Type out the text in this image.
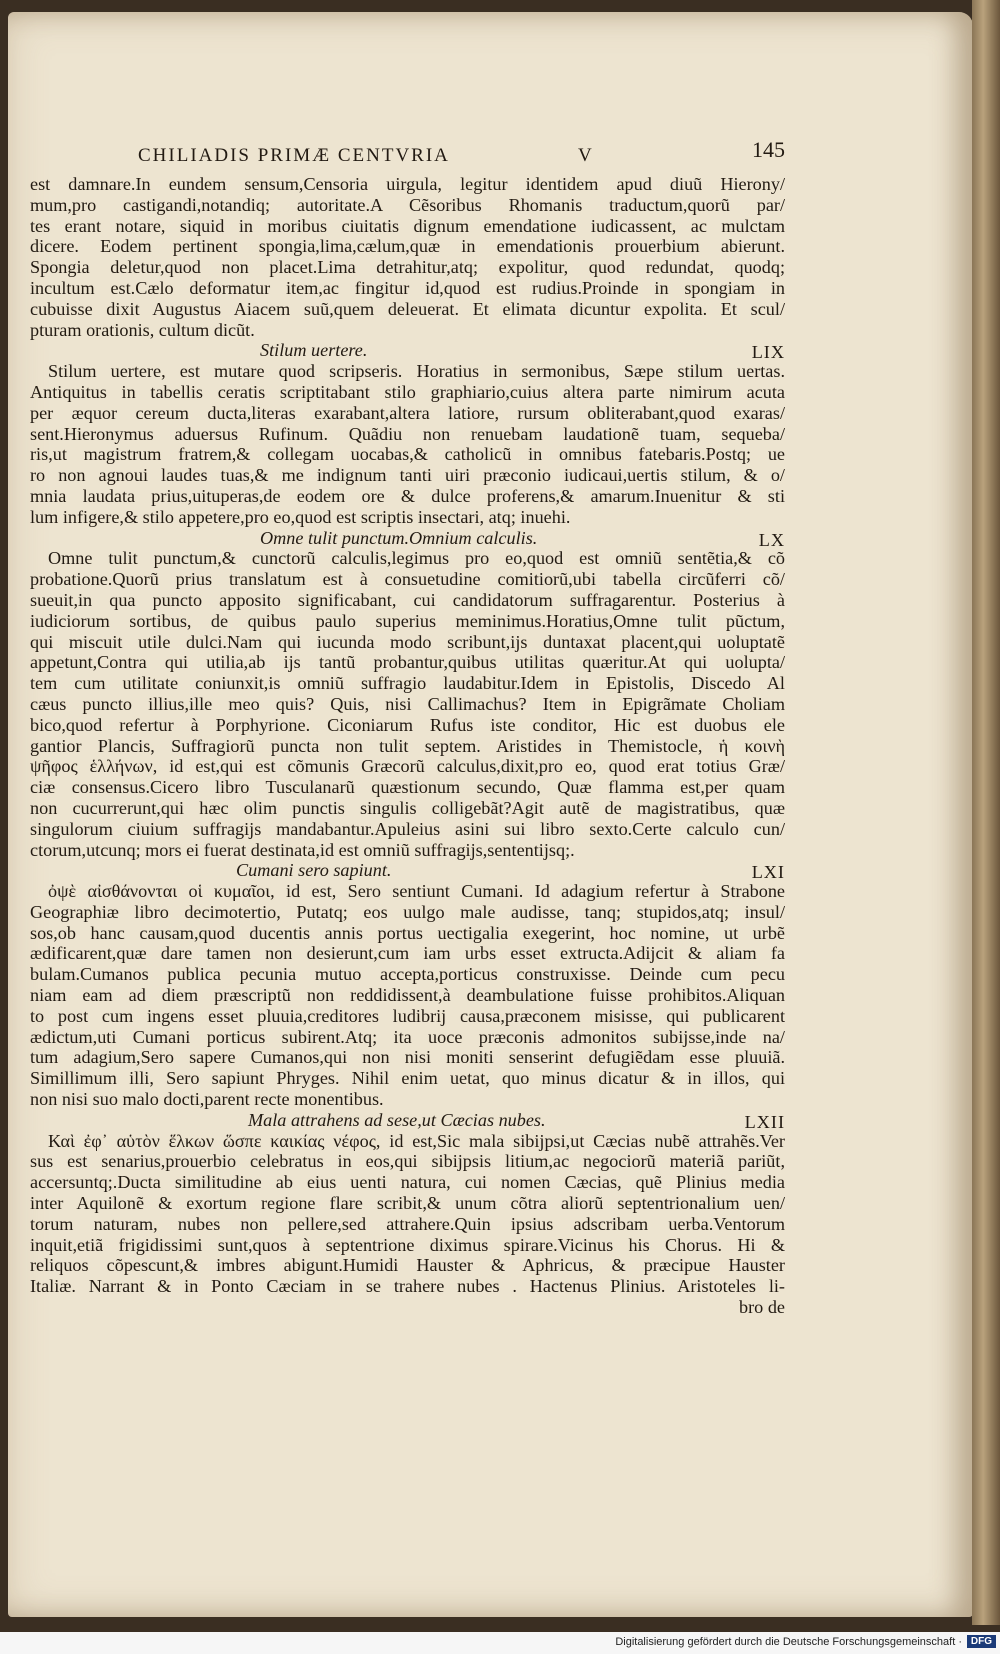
CHILIADIS PRIMÆ CENTVRIA	V	145

est damnare.In eundem sensum,Censoria uirgula, legitur identidem apud diuũ Hierony/

mum,pro castigandi,notandiq; autoritate.A Cẽsoribus Rhomanis traductum,quorũ par/

tes erant notare, siquid in moribus ciuitatis dignum emendatione iudicassent, ac mulctam

dicere. Eodem pertinent spongia,lima,cælum,quæ in emendationis prouerbium abierunt.

Spongia deletur,quod non placet.Lima detrahitur,atq; expolitur, quod redundat, quodq;

incultum est.Cælo deformatur item,ac fingitur id,quod est rudius.Proinde in spongiam in

cubuisse dixit Augustus Aiacem suũ,quem deleuerat. Et elimata dicuntur expolita. Et scul/

pturam orationis, cultum dicũt.

Stilum uertere.	LIX

Stilum uertere, est mutare quod scripseris. Horatius in sermonibus, Sæpe stilum uertas.

Antiquitus in tabellis ceratis scriptitabant stilo graphiario,cuius altera parte nimirum acuta

per æquor cereum ducta,literas exarabant,altera latiore, rursum obliterabant,quod exaras/

sent.Hieronymus aduersus Rufinum. Quãdiu non renuebam laudationẽ tuam, sequeba/

ris,ut magistrum fratrem,& collegam uocabas,& catholicũ in omnibus fatebaris.Postq; ue

ro non agnoui laudes tuas,& me indignum tanti uiri præconio iudicaui,uertis stilum, & o/

mnia laudata prius,uituperas,de eodem ore & dulce proferens,& amarum.Inuenitur & sti

lum infigere,& stilo appetere,pro eo,quod est scriptis insectari, atq; inuehi.

Omne tulit punctum.Omnium calculis.	LX

Omne tulit punctum,& cunctorũ calculis,legimus pro eo,quod est omniũ sentẽtia,& cõ

probatione.Quorũ prius translatum est à consuetudine comitiorũ,ubi tabella circũferri cõ/

sueuit,in qua puncto apposito significabant, cui candidatorum suffragarentur. Posterius à

iudiciorum sortibus, de quibus paulo superius meminimus.Horatius,Omne tulit pũctum,

qui miscuit utile dulci.Nam qui iucunda modo scribunt,ijs duntaxat placent,qui uoluptatẽ

appetunt,Contra qui utilia,ab ijs tantũ probantur,quibus utilitas quæritur.At qui uolupta/

tem cum utilitate coniunxit,is omniũ suffragio laudabitur.Idem in Epistolis, Discedo Al

cæus puncto illius,ille meo quis? Quis, nisi Callimachus? Item in Epigrãmate Choliam

bico,quod refertur à Porphyrione. Ciconiarum Rufus iste conditor, Hic est duobus ele

gantior Plancis, Suffragiorũ puncta non tulit septem. Aristides in Themistocle, ἡ κοινὴ

ψῆφος ἑλλήνων, id est,qui est cõmunis Græcorũ calculus,dixit,pro eo, quod erat totius Græ/

ciæ consensus.Cicero libro Tusculanarũ quæstionum secundo, Quæ flamma est,per quam

non cucurrerunt,qui hæc olim punctis singulis colligebãt?Agit autẽ de magistratibus, quæ

singulorum ciuium suffragijs mandabantur.Apuleius asini sui libro sexto.Certe calculo cun/

ctorum,utcunq; mors ei fuerat destinata,id est omniũ suffragijs,sententijsq;.

Cumani sero sapiunt.	LXI

ὀψὲ αἰσθάνονται οἱ κυμαῖοι, id est, Sero sentiunt Cumani. Id adagium refertur à Strabone

Geographiæ libro decimotertio, Putatq; eos uulgo male audisse, tanq; stupidos,atq; insul/

sos,ob hanc causam,quod ducentis annis portus uectigalia exegerint, hoc nomine, ut urbẽ

ædificarent,quæ dare tamen non desierunt,cum iam urbs esset extructa.Adijcit & aliam fa

bulam.Cumanos publica pecunia mutuo accepta,porticus construxisse. Deinde cum pecu

niam eam ad diem præscriptũ non reddidissent,à deambulatione fuisse prohibitos.Aliquan

to post cum ingens esset pluuia,creditores ludibrij causa,præconem misisse, qui publicarent

ædictum,uti Cumani porticus subirent.Atq; ita uoce præconis admonitos subijsse,inde na/

tum adagium,Sero sapere Cumanos,qui non nisi moniti senserint defugiẽdam esse pluuiã.

Simillimum illi, Sero sapiunt Phryges. Nihil enim uetat, quo minus dicatur & in illos, qui

non nisi suo malo docti,parent recte monentibus.

Mala attrahens ad sese,ut Cæcias nubes.	LXII

Καὶ ἐφ᾽ αὑτὸν ἕλκων ὥσπε καικίας νέφος, id est,Sic mala sibijpsi,ut Cæcias nubẽ attrahẽs.Ver

sus est senarius,prouerbio celebratus in eos,qui sibijpsis litium,ac negociorũ materiã pariũt,

accersuntq;.Ducta similitudine ab eius uenti natura, cui nomen Cæcias, quẽ Plinius media

inter Aquilonẽ & exortum regione flare scribit,& unum cõtra aliorũ septentrionalium uen/

torum naturam, nubes non pellere,sed attrahere.Quin ipsius adscribam uerba.Ventorum

inquit,etiã frigidissimi sunt,quos à septentrione diximus spirare.Vicinus his Chorus. Hi &

reliquos cõpescunt,& imbres abigunt.Humidi Hauster & Aphricus, & præcipue Hauster

Italiæ. Narrant & in Ponto Cæciam in se trahere nubes . Hactenus Plinius. Aristoteles li-

bro de

Digitalisierung gefördert durch die Deutsche Forschungsgemeinschaft · DFG
